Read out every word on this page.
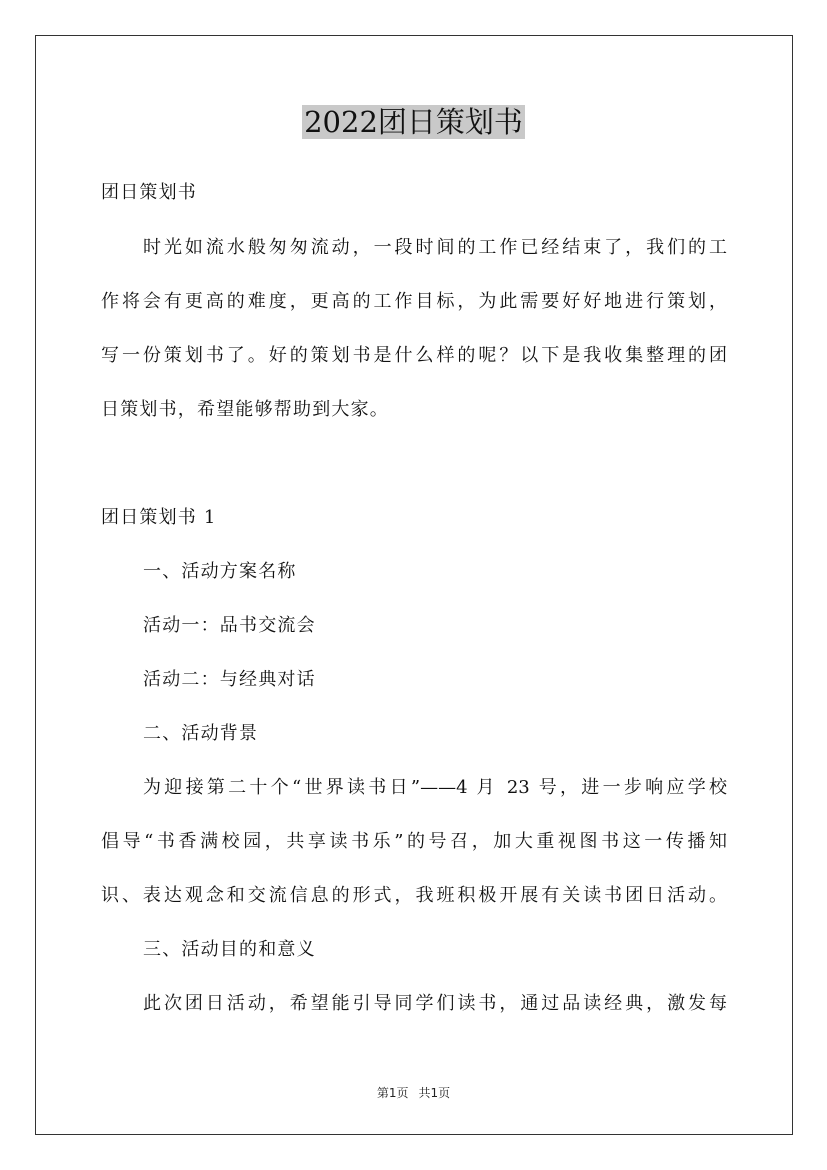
2022团日策划书
团日策划书
时光如流水般匆匆流动，一段时间的工作已经结束了，我们的工
作将会有更高的难度，更高的工作目标，为此需要好好地进行策划，
写一份策划书了。好的策划书是什么样的呢？以下是我收集整理的团
日策划书，希望能够帮助到大家。
团日策划书 1
一、活动方案名称
活动一：品书交流会
活动二：与经典对话
二、活动背景
为迎接第二十个“世界读书日”——4 月 23 号，进一步响应学校
倡导“书香满校园，共享读书乐”的号召，加大重视图书这一传播知
识、表达观念和交流信息的形式，我班积极开展有关读书团日活动。
三、活动目的和意义
此次团日活动，希望能引导同学们读书，通过品读经典，激发每
第1页 共1页
